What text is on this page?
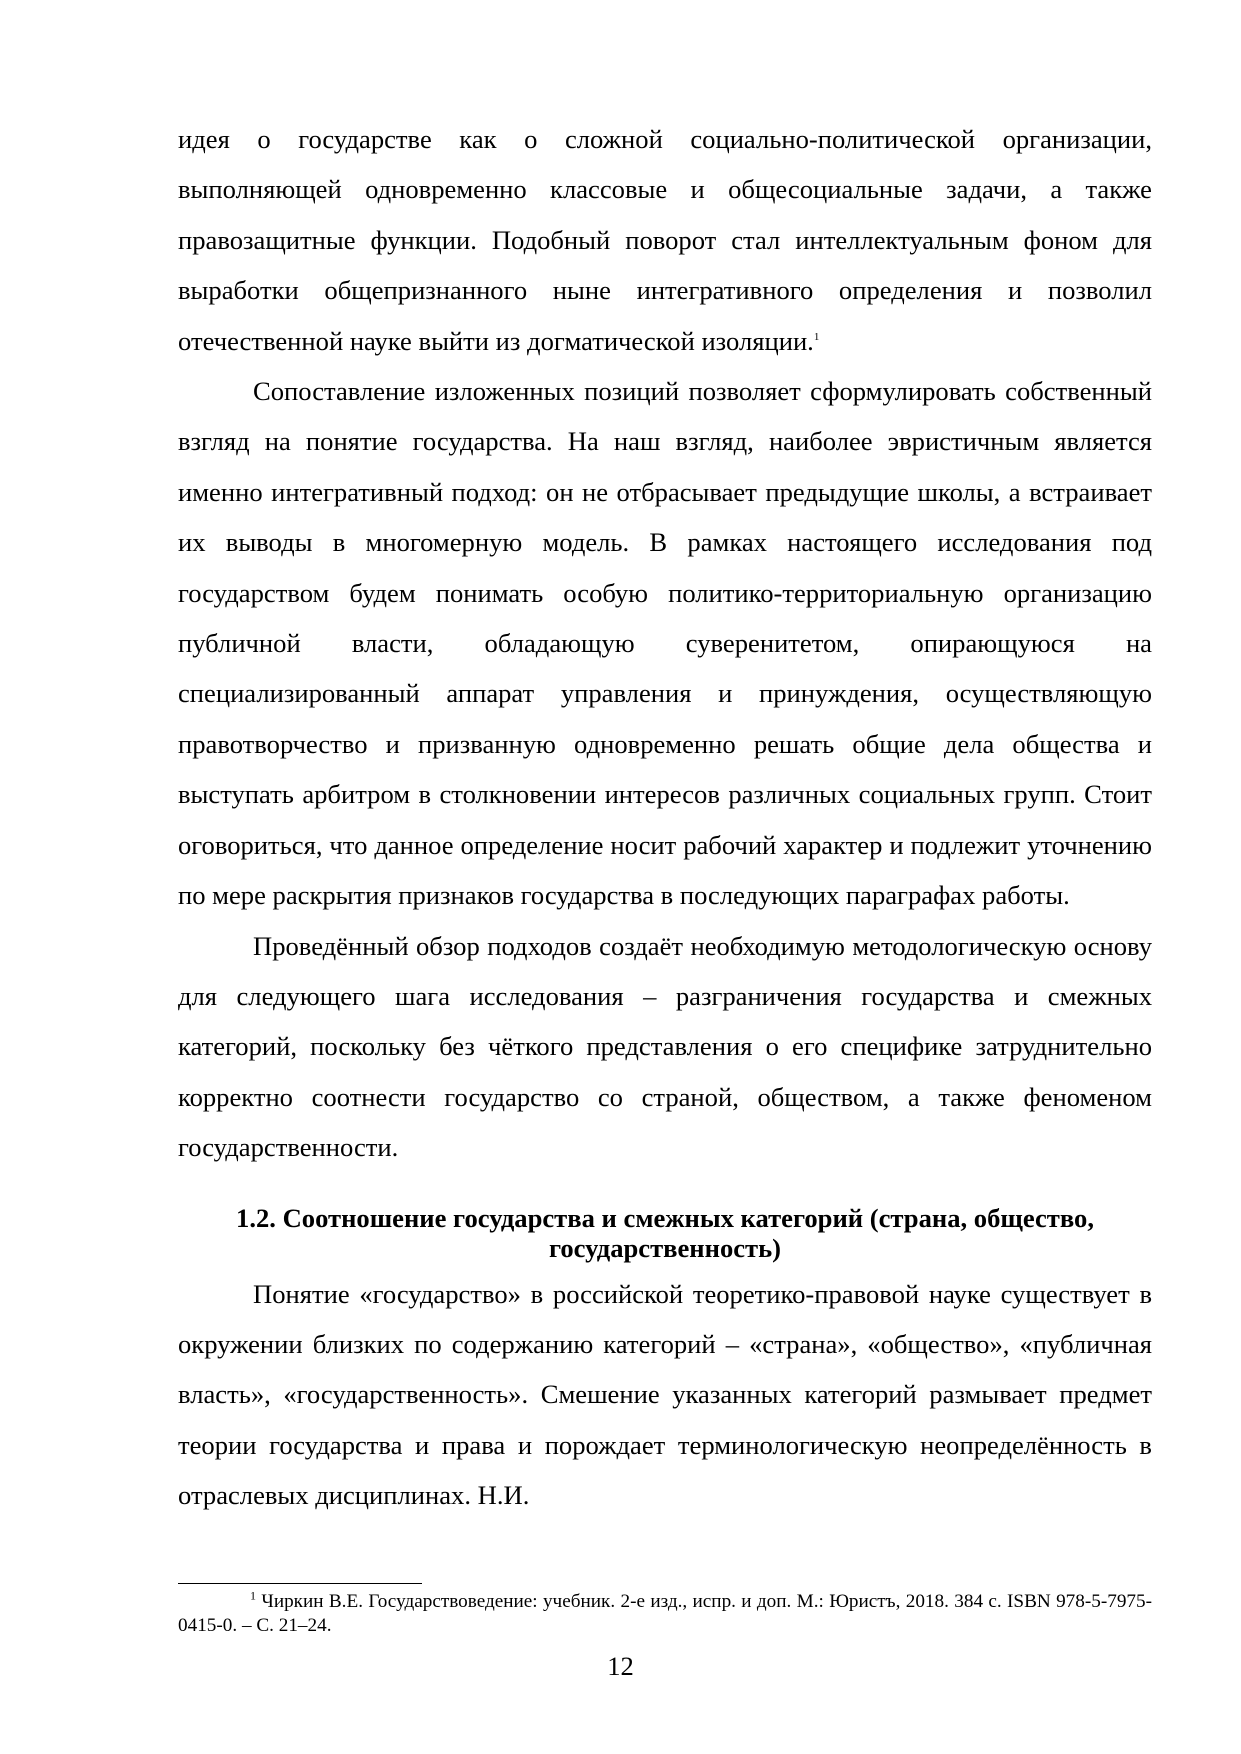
идея о государстве как о сложной социально-политической организации, выполняющей одновременно классовые и общесоциальные задачи, а также правозащитные функции. Подобный поворот стал интеллектуальным фоном для выработки общепризнанного ныне интегративного определения и позволил отечественной науке выйти из догматической изоляции.$^1$

Сопоставление изложенных позиций позволяет сформулировать собственный взгляд на понятие государства. На наш взгляд, наиболее эвристичным является именно интегративный подход: он не отбрасывает предыдущие школы, а встраивает их выводы в многомерную модель. В рамках настоящего исследования под государством будем понимать особую политико-территориальную организацию публичной власти, обладающую суверенитетом, опирающуюся на специализированный аппарат управления и принуждения, осуществляющую правотворчество и призванную одновременно решать общие дела общества и выступать арбитром в столкновении интересов различных социальных групп. Стоит оговориться, что данное определение носит рабочий характер и подлежит уточнению по мере раскрытия признаков государства в последующих параграфах работы.

Проведённый обзор подходов создаёт необходимую методологическую основу для следующего шага исследования – разграничения государства и смежных категорий, поскольку без чёткого представления о его специфике затруднительно корректно соотнести государство со страной, обществом, а также феноменом государственности.

1.2. Соотношение государства и смежных категорий (страна, общество,
государственность)

Понятие «государство» в российской теоретико-правовой науке существует в окружении близких по содержанию категорий – «страна», «общество», «публичная власть», «государственность». Смешение указанных категорий размывает предмет теории государства и права и порождает терминологическую неопределённость в отраслевых дисциплинах. Н.И.

$^1$ Чиркин В.Е. Государствоведение: учебник. 2-е изд., испр. и доп. М.: Юристъ, 2018. 384 с. ISBN 978-5-7975-0415-0. – С. 21–24.

12
